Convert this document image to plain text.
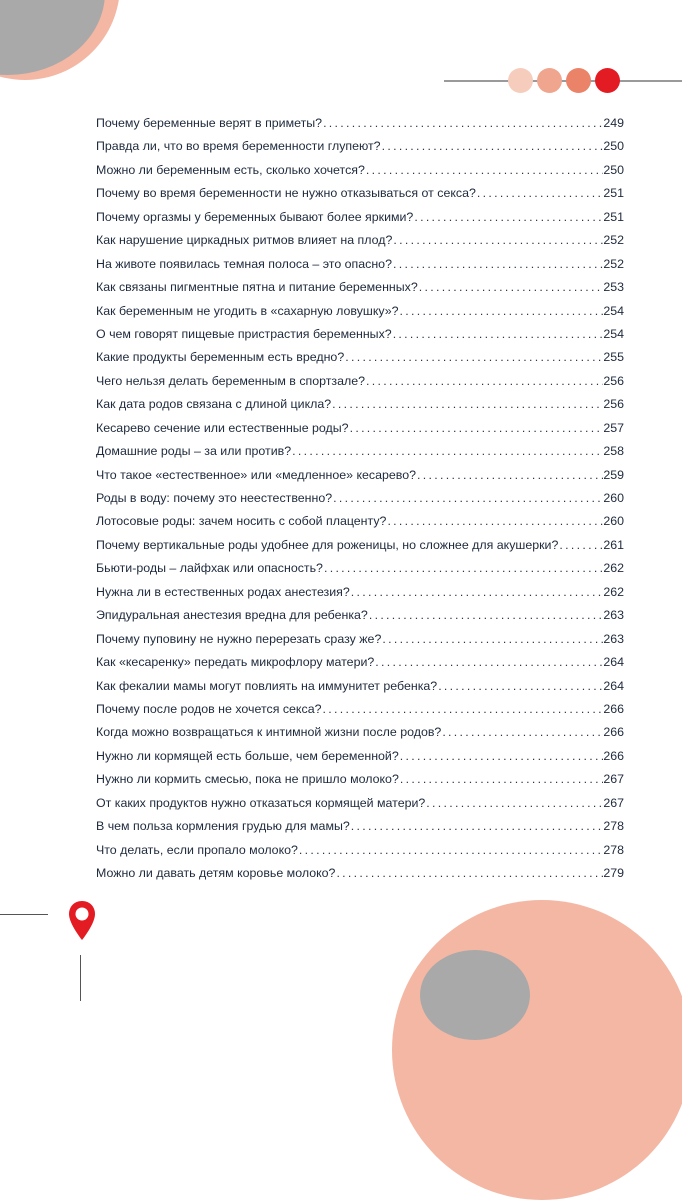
Почему беременные верят в приметы? .....	249
Правда ли, что во время беременности глупеют? .....	250
Можно ли беременным есть, сколько хочется? .....	250
Почему во время беременности не нужно отказываться от секса? .....	251
Почему оргазмы у беременных бывают более яркими? .....	251
Как нарушение циркадных ритмов влияет на плод? .....	252
На животе появилась темная полоса – это опасно? .....	252
Как связаны пигментные пятна и питание беременных? .....	253
Как беременным не угодить в «сахарную ловушку»? .....	254
О чем говорят пищевые пристрастия беременных? .....	254
Какие продукты беременным есть вредно? .....	255
Чего нельзя делать беременным в спортзале? .....	256
Как дата родов связана с длиной цикла? .....	256
Кесарево сечение или естественные роды? .....	257
Домашние роды – за или против? .....	258
Что такое «естественное» или «медленное» кесарево? .....	259
Роды в воду: почему это неестественно? .....	260
Лотосовые роды: зачем носить с собой плаценту? .....	260
Почему вертикальные роды удобнее для роженицы, но сложнее для акушерки? .....	261
Бьюти-роды – лайфхак или опасность? .....	262
Нужна ли в естественных родах анестезия? .....	262
Эпидуральная анестезия вредна для ребенка? .....	263
Почему пуповину не нужно перерезать сразу же? .....	263
Как «кесаренку» передать микрофлору матери? .....	264
Как фекалии мамы могут повлиять на иммунитет ребенка? .....	264
Почему после родов не хочется секса? .....	266
Когда можно возвращаться к интимной жизни после родов? .....	266
Нужно ли кормящей есть больше, чем беременной? .....	266
Нужно ли кормить смесью, пока не пришло молоко? .....	267
От каких продуктов нужно отказаться кормящей матери? .....	267
В чем польза кормления грудью для мамы? .....	278
Что делать, если пропало молоко? .....	278
Можно ли давать детям коровье молоко? .....	279
